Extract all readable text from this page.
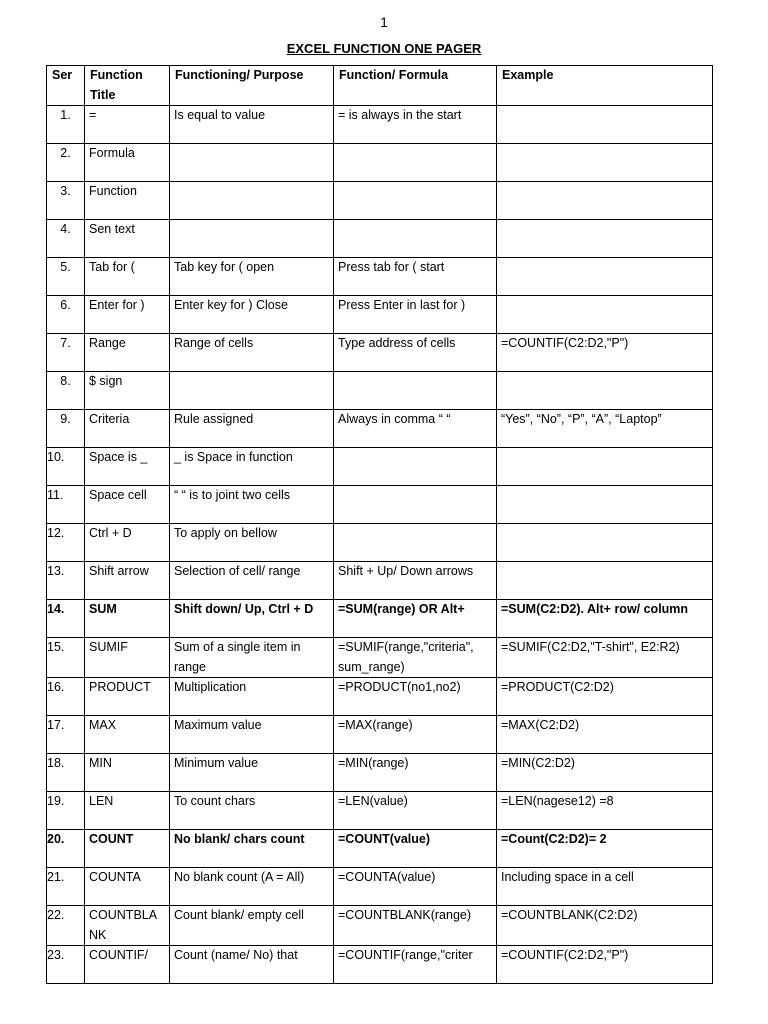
1
EXCEL FUNCTION ONE PAGER
Ser	Function Title	Functioning/ Purpose	Function/ Formula	Example
1.	=	Is equal to value	= is always in the start	
2.	Formula			
3.	Function			
4.	Sen text			
5.	Tab for (	Tab key for ( open	Press tab for ( start	
6.	Enter for )	Enter key for ) Close	Press Enter in last for )	
7.	Range	Range of cells	Type address of cells	=COUNTIF(C2:D2,"P")
8.	$ sign			
9.	Criteria	Rule assigned	Always in comma “ “	“Yes”, “No”, “P”, “A”, “Laptop”
10.	Space is _	_ is Space in function		
11.	Space cell	“ “ is to joint two cells		
12.	Ctrl + D	To apply on bellow		
13.	Shift arrow	Selection of cell/ range	Shift + Up/ Down arrows	
14.	SUM	Shift down/ Up, Ctrl + D	=SUM(range) OR Alt+	=SUM(C2:D2). Alt+ row/ column
15.	SUMIF	Sum of a single item in range	=SUMIF(range,"criteria", sum_range)	=SUMIF(C2:D2,"T-shirt", E2:R2)
16.	PRODUCT	Multiplication	=PRODUCT(no1,no2)	=PRODUCT(C2:D2)
17.	MAX	Maximum value	=MAX(range)	=MAX(C2:D2)
18.	MIN	Minimum value	=MIN(range)	=MIN(C2:D2)
19.	LEN	To count chars	=LEN(value)	=LEN(nagese12) =8
20.	COUNT	No blank/ chars count	=COUNT(value)	=Count(C2:D2)= 2
21.	COUNTA	No blank count (A = All)	=COUNTA(value)	Including space in a cell
22.	COUNTBLANK	Count blank/ empty cell	=COUNTBLANK(range)	=COUNTBLANK(C2:D2)
23.	COUNTIF/	Count (name/ No) that	=COUNTIF(range,"criter	=COUNTIF(C2:D2,"P")
